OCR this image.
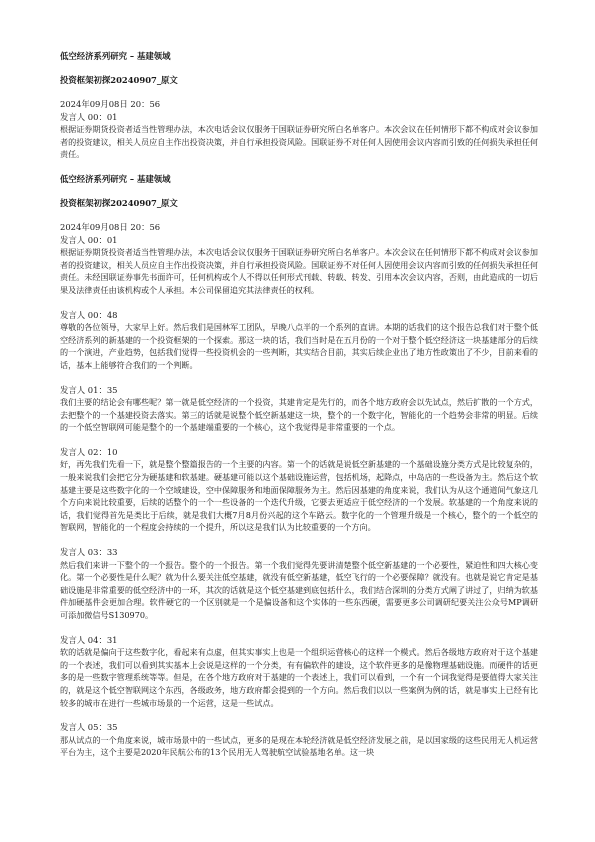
低空经济系列研究 – 基建领域
投资框架初探20240907_原文
2024年09月08日 20：56
发言人 00：01
根据证券期货投资者适当性管理办法，本次电话会议仅服务于国联证券研究所白名单客户。本次会议在任何情形下都不构成对会议参加者的投资建议，相关人员应自主作出投资决策，并自行承担投资风险。国联证券不对任何人因使用会议内容而引致的任何损失承担任何责任。
低空经济系列研究 – 基建领域
投资框架初探20240907_原文
2024年09月08日 20：56
发言人 00：01
根据证券期货投资者适当性管理办法，本次电话会议仅服务于国联证券研究所白名单客户。本次会议在任何情形下都不构成对会议参加者的投资建议，相关人员应自主作出投资决策，并自行承担投资风险。国联证券不对任何人因使用会议内容而引致的任何损失承担任何责任。未经国联证券事先书面许可，任何机构或个人不得以任何形式刊载、转载、转发、引用本次会议内容，否则，由此造成的一切后果及法律责任由该机构或个人承担。本公司保留追究其法律责任的权利。
发言人 00：48
尊敬的各位领导，大家早上好。然后我们是国林军工团队，早晚八点半的一个系列的直讲。本期的话我们的这个报告总我们对于整个低空经济系列的新基建的一个投资框架的一个探索。那这一块的话，我们当时是在五月份的一个对于整个低空经济这一块基建部分的后续的一个演进，产业趋势，包括我们觉得一些投资机会的一些判断，其实结合目前，其实后续企业出了地方性政策出了不少，目前来看的话，基本上能够符合我们的一个判断。
发言人 01：35
我们主要的结论会有哪些呢？第一就是低空经济的一个投资，其建肯定是先行的，而各个地方政府会以先试点，然后扩散的一个方式，去把整个的一个基建投资去落实。第三的话就是说整个低空新基建这一块，整个的一个数字化，智能化的一个趋势会非常的明显。后续的一个低空智联网可能是整个的一个基建端重要的一个核心，这个我觉得是非常重要的一个点。
发言人 02：10
好，再先我们先看一下，就是整个整篇报告的一个主要的内容。第一个的话就是说低空新基建的一个基础设施分类方式是比较复杂的，一般来说我们会把它分为硬基建和软基建。硬基建可能以这个基础设施运营，包括机场，起降点，中岛店的一些设备为主。然后这个软基建主要是这些数字化的一个空域建设，空中保障服务和地面保障服务为主。然后因基建的角度来说，我们认为从这个通道间气象这几个方向来说比较重要，后续的话整个的一个一些设备的一个迭代升级，它要去更适应于低空经济的一个发展。软基建的一个角度来说的话，我们觉得首先是类比于后续，就是我们大概7月8月份兴起的这个车路云。数字化的一个管理升级是一个核心，整个的一个低空的智联网，智能化的一个程度会持续的一个提升，所以这是我们认为比较重要的一个方向。
发言人 03：33
然后我们来讲一下整个的一个报告。整个的一个报告。第一个我们觉得先要讲清楚整个低空新基建的一个必要性，紧迫性和四大核心变化。第一个必要性是什么呢？就为什么要关注低空基建，就没有低空新基建，低空飞行的一个必要保障？就没有。也就是说它肯定是基础设施是非常重要的低空经济中的一环，其次的话就是这个低空基建到底包括什么，我们结合深圳的分类方式阐了讲过了，归纳为软基件加硬基件会更加合理。软件硬它的一个区别就是一个是偏设备和这个实体的一些东西硬，需要更多公司调研纪要关注公众号MP调研可添加微信号S130970。
发言人 04：31
软的话就是偏向于这些数字化，看起来有点虚，但其实事实上也是一个组织运营核心的这样一个模式。然后各级地方政府对于这个基建的一个表述，我们可以看到其实基本上会说是这样的一个分类，有有偏软件的建设，这个软件更多的是像物理基础设施。而硬件的话更多的是一些数字管理系统等等。但是，在各个地方政府对于基建的一个表述上，我们可以看到，一个有一个词我觉得是要值得大家关注的，就是这个低空智联网这个东西，各级政务，地方政府都会提到的一个方向。然后我们以以一些案例为例的话，就是事实上已经有比较多的城市在进行一些城市场景的一个运营，这是一些试点。
发言人 05：35
那从试点的一个角度来说，城市场景中的一些试点，更多的是现在本轮经济就是低空经济发展之前，是以国家级的这些民用无人机运营平台为主，这个主要是2020年民航公布的13个民用无人驾驶航空试验基地名单。这一块
